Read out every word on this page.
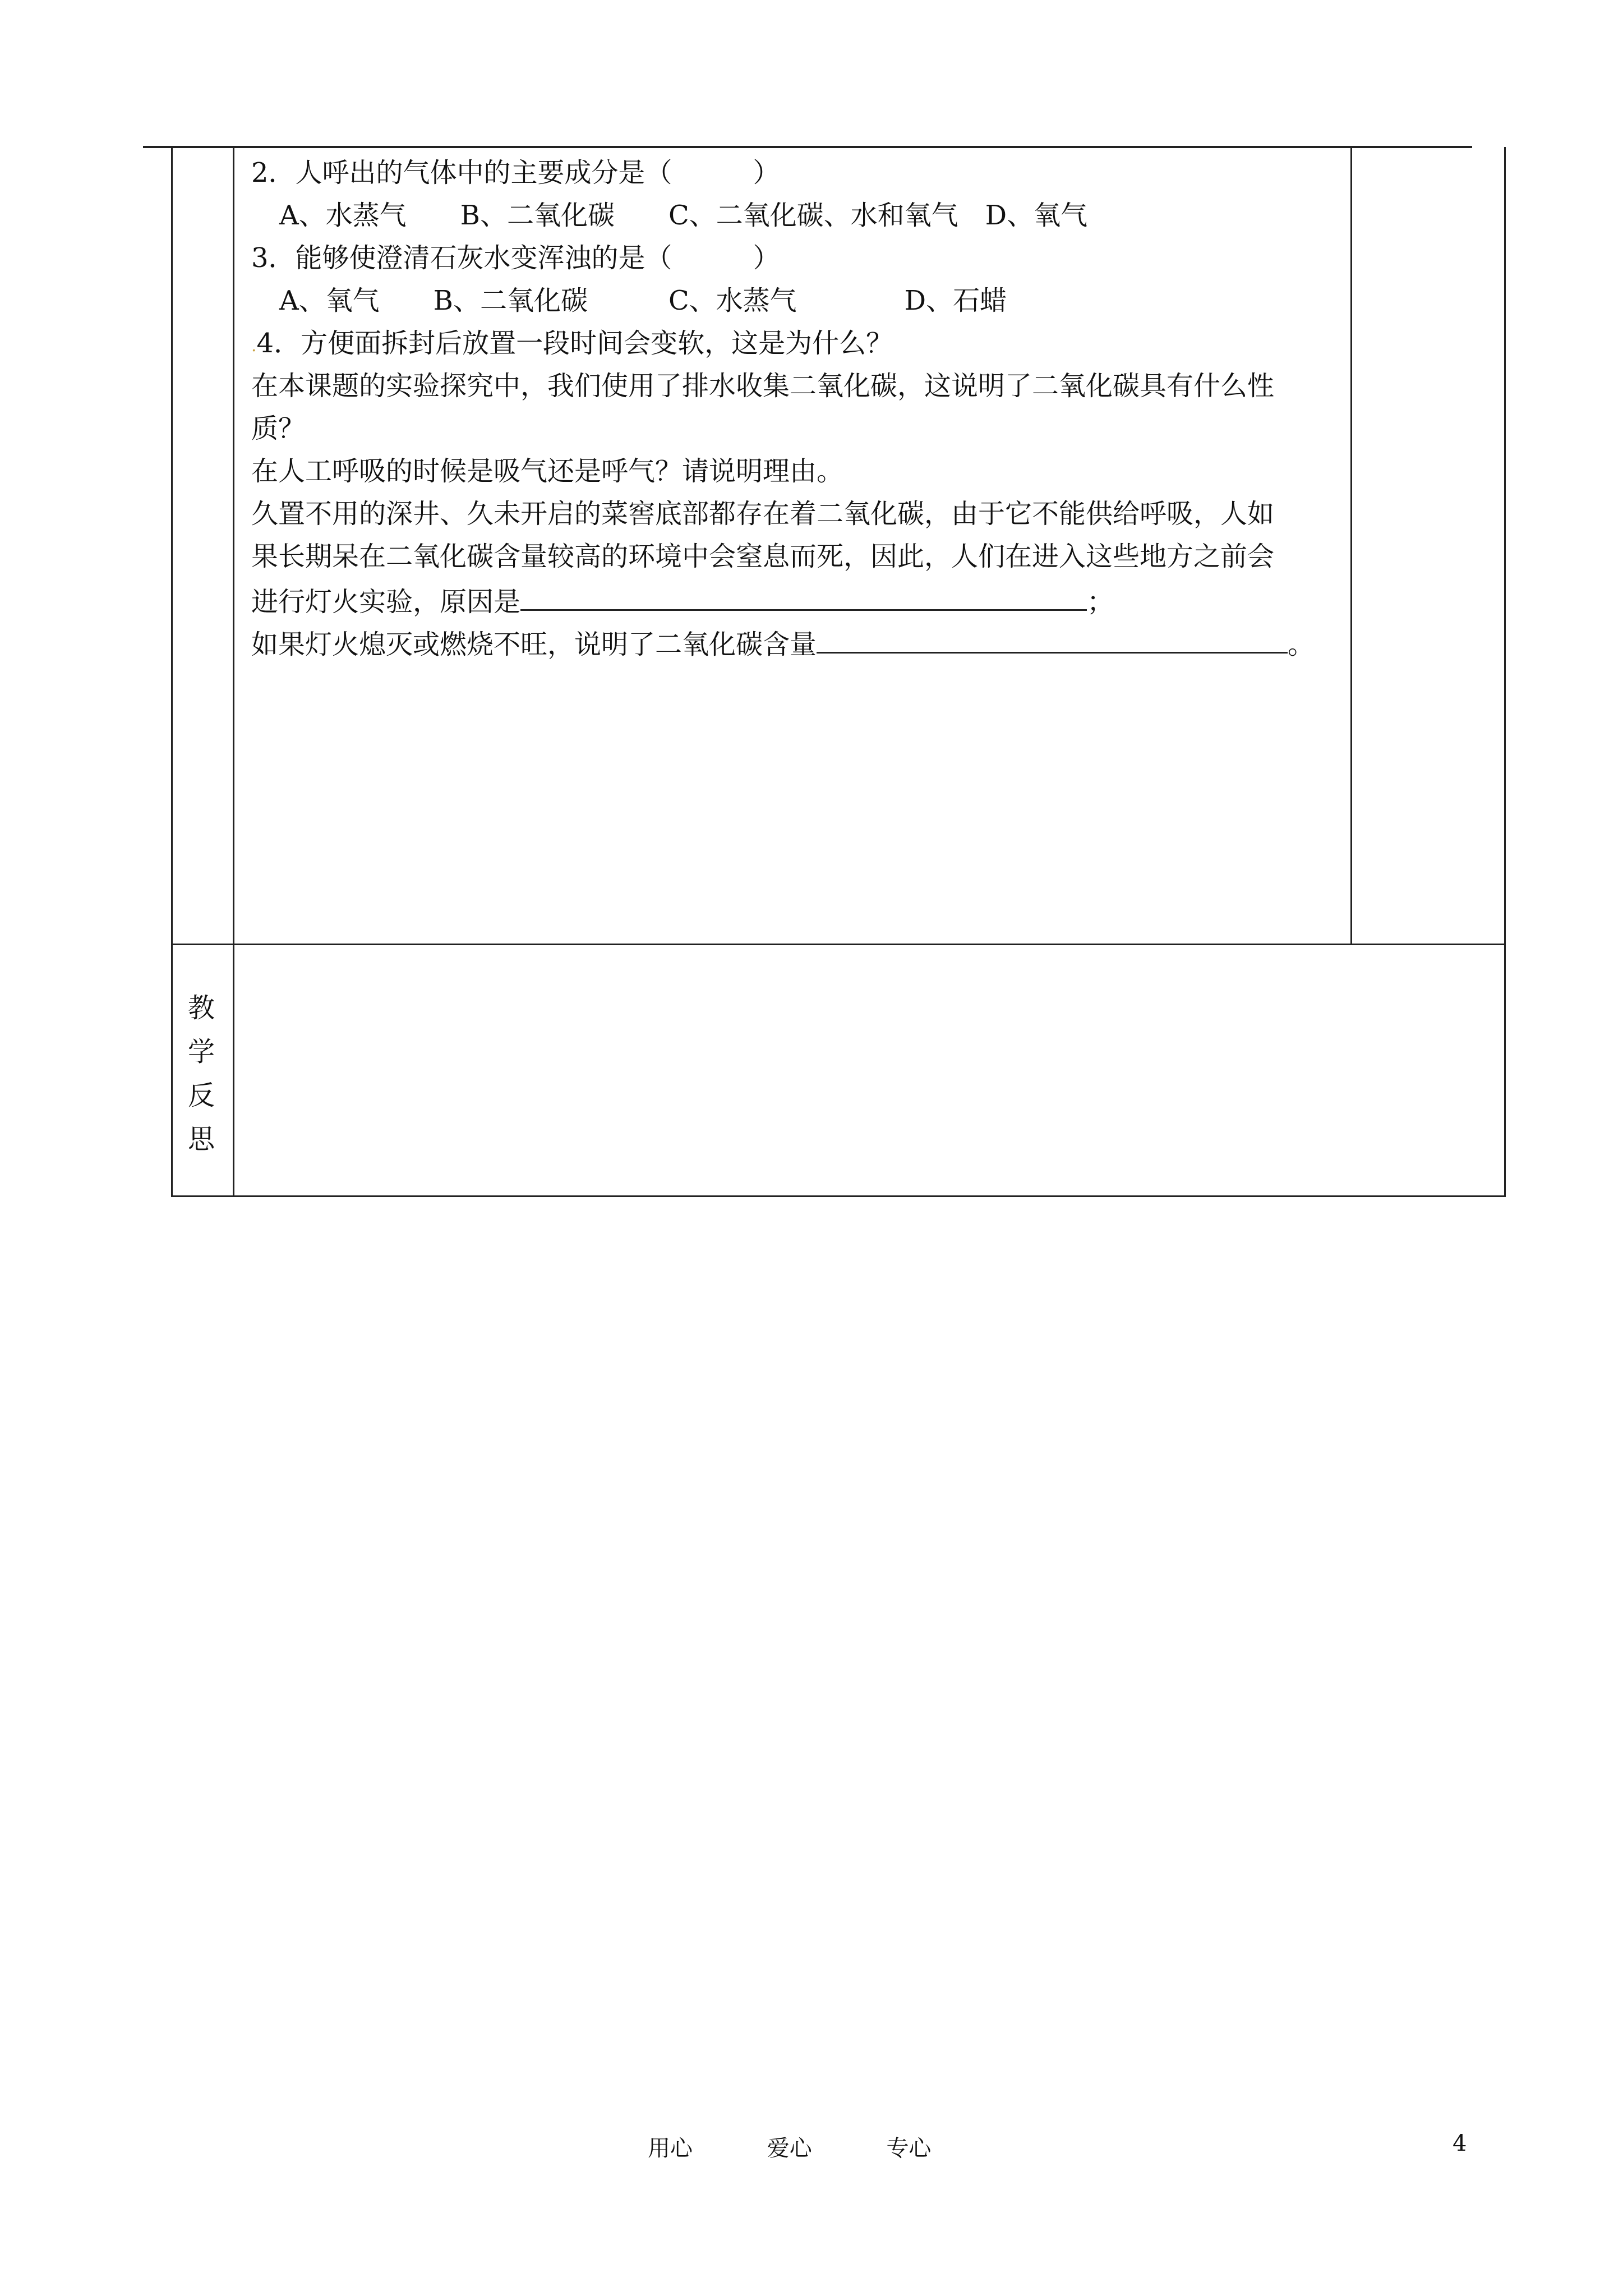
2．人呼出的气体中的主要成分是（　　　）
A、水蒸气　　B、二氧化碳　　C、二氧化碳、水和氧气　D、氧气
3．能够使澄清石灰水变浑浊的是（　　　）
A、氧气　　B、二氧化碳　　　C、水蒸气　　　　D、石蜡
.4．方便面拆封后放置一段时间会变软，这是为什么？
在本课题的实验探究中，我们使用了排水收集二氧化碳，这说明了二氧化碳具有什么性
质？
在人工呼吸的时候是吸气还是呼气？请说明理由。
久置不用的深井、久未开启的菜窖底部都存在着二氧化碳，由于它不能供给呼吸，人如
果长期呆在二氧化碳含量较高的环境中会窒息而死，因此，人们在进入这些地方之前会
进行灯火实验，原因是	；
如果灯火熄灭或燃烧不旺，说明了二氧化碳含量	。
教
学
反
思
用心	爱心	专心	4
